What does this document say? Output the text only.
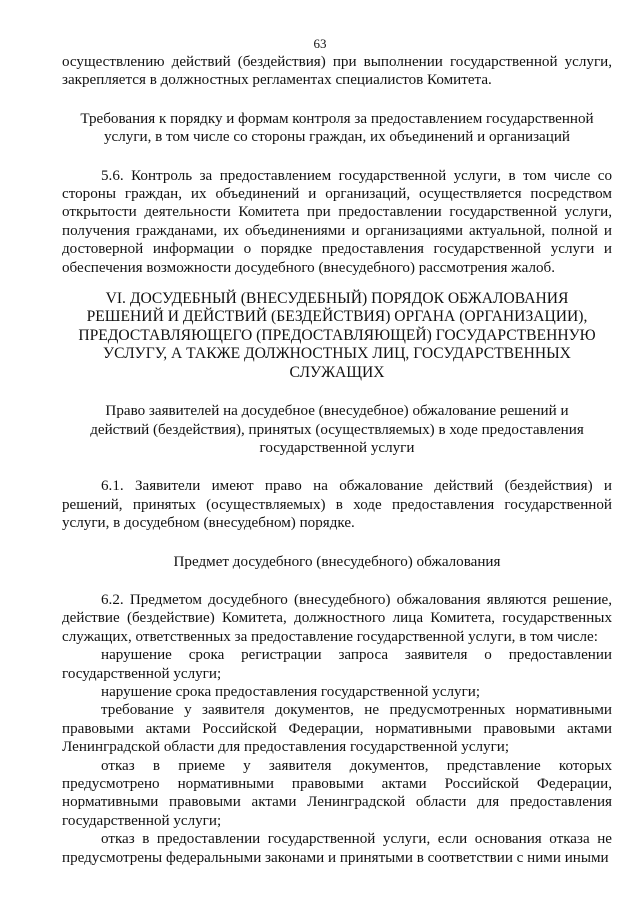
63

осуществлению действий (бездействия) при выполнении государственной услуги, закрепляется в должностных регламентах специалистов Комитета.

Требования к порядку и формам контроля за предоставлением государственной услуги, в том числе со стороны граждан, их объединений и организаций

5.6. Контроль за предоставлением государственной услуги, в том числе со стороны граждан, их объединений и организаций, осуществляется посредством открытости деятельности Комитета при предоставлении государственной услуги, получения гражданами, их объединениями и организациями актуальной, полной и достоверной информации о порядке предоставления государственной услуги и обеспечения возможности досудебного (внесудебного) рассмотрения жалоб.

VI. ДОСУДЕБНЫЙ (ВНЕСУДЕБНЫЙ) ПОРЯДОК ОБЖАЛОВАНИЯ РЕШЕНИЙ И ДЕЙСТВИЙ (БЕЗДЕЙСТВИЯ) ОРГАНА (ОРГАНИЗАЦИИ), ПРЕДОСТАВЛЯЮЩЕГО (ПРЕДОСТАВЛЯЮЩЕЙ) ГОСУДАРСТВЕННУЮ УСЛУГУ, А ТАКЖЕ ДОЛЖНОСТНЫХ ЛИЦ, ГОСУДАРСТВЕННЫХ СЛУЖАЩИХ

Право заявителей на досудебное (внесудебное) обжалование решений и действий (бездействия), принятых (осуществляемых) в ходе предоставления государственной услуги

6.1. Заявители имеют право на обжалование действий (бездействия) и решений, принятых (осуществляемых) в ходе предоставления государственной услуги, в досудебном (внесудебном) порядке.

Предмет досудебного (внесудебного) обжалования

6.2. Предметом досудебного (внесудебного) обжалования являются решение, действие (бездействие) Комитета, должностного лица Комитета, государственных служащих, ответственных за предоставление государственной услуги, в том числе:

нарушение срока регистрации запроса заявителя о предоставлении государственной услуги;

нарушение срока предоставления государственной услуги;

требование у заявителя документов, не предусмотренных нормативными правовыми актами Российской Федерации, нормативными правовыми актами Ленинградской области для предоставления государственной услуги;

отказ в приеме у заявителя документов, представление которых предусмотрено нормативными правовыми актами Российской Федерации, нормативными правовыми актами Ленинградской области для предоставления государственной услуги;

отказ в предоставлении государственной услуги, если основания отказа не предусмотрены федеральными законами и принятыми в соответствии с ними иными
